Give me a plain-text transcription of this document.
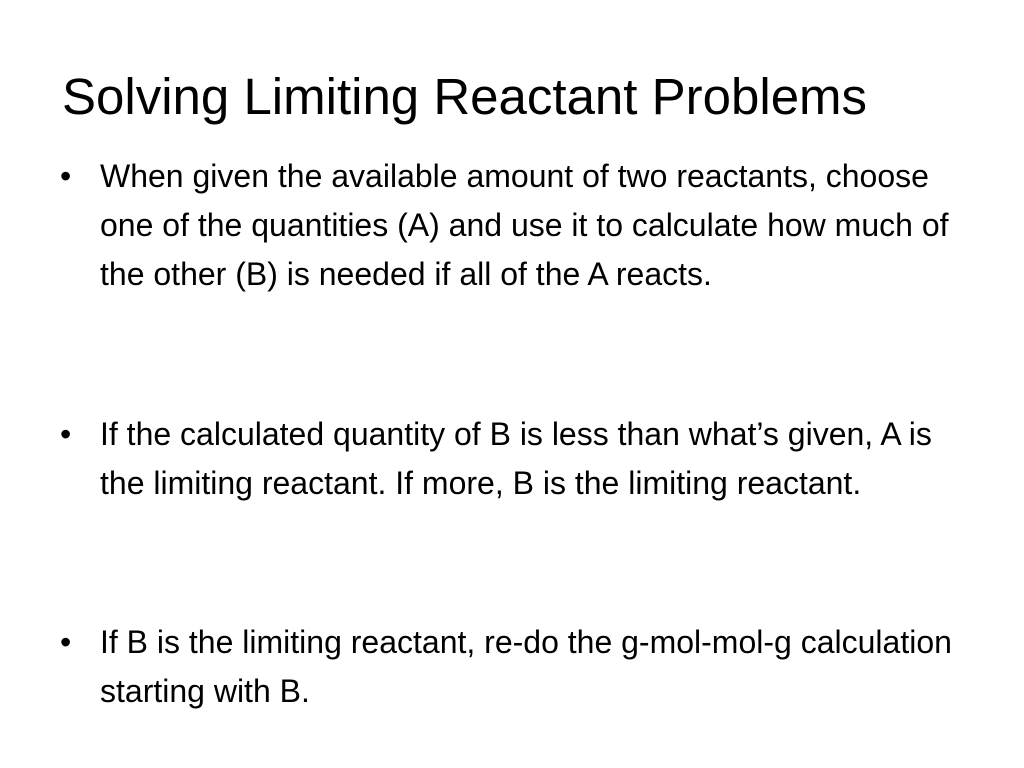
Solving Limiting Reactant Problems
• When given the available amount of two reactants, choose one of the quantities (A) and use it to calculate how much of the other (B) is needed if all of the A reacts.
• If the calculated quantity of B is less than what’s given, A is the limiting reactant. If more, B is the limiting reactant.
• If B is the limiting reactant, re-do the g-mol-mol-g calculation starting with B.
